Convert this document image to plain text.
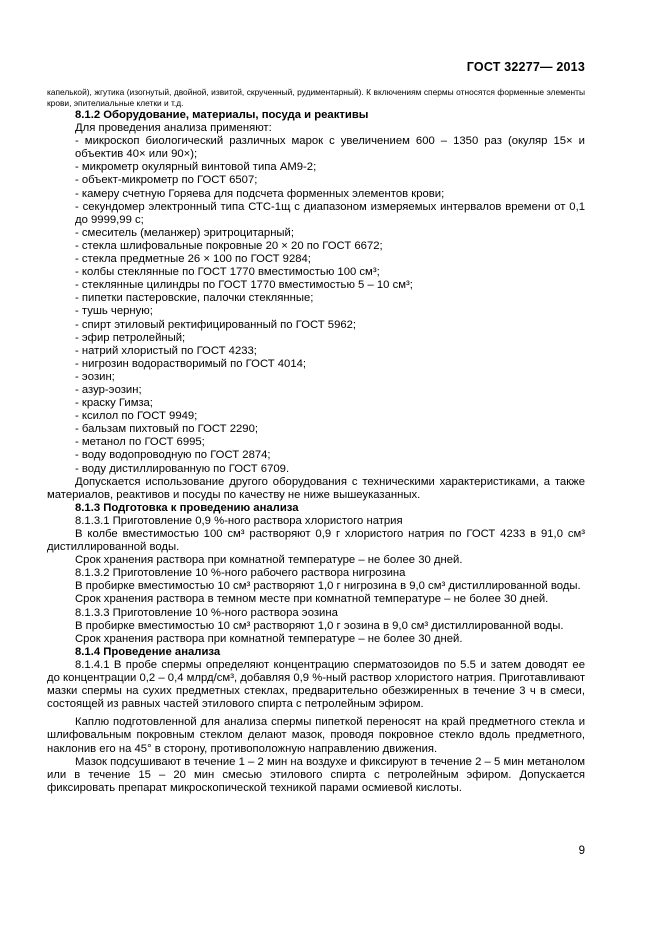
ГОСТ 32277— 2013

капелькой), жгутика (изогнутый, двойной, извитой, скрученный, рудиментарный). К включениям спермы относятся форменные элементы крови, эпителиальные клетки и т.д.

8.1.2 Оборудование, материалы, посуда и реактивы

Для проведения анализа применяют:

- микроскоп биологический различных марок с увеличением 600 – 1350 раз (окуляр 15× и объектив 40× или 90×);

- микрометр окулярный винтовой типа АМ9-2;

- объект-микрометр по ГОСТ 6507;

- камеру счетную Горяева для подсчета форменных элементов крови;

- секундомер электронный типа СТС-1щ с диапазоном измеряемых интервалов времени от 0,1 до 9999,99 с;

- смеситель (меланжер) эритроцитарный;

- стекла шлифовальные покровные 20 × 20 по ГОСТ 6672;

- стекла предметные 26 × 100 по ГОСТ 9284;

- колбы стеклянные по ГОСТ 1770 вместимостью 100 см³;

- стеклянные цилиндры по ГОСТ 1770 вместимостью 5 – 10 см³;

- пипетки пастеровские, палочки стеклянные;

- тушь черную;

- спирт этиловый ректифицированный по ГОСТ 5962;

- эфир петролейный;

- натрий хлористый по ГОСТ 4233;

- нигрозин водорастворимый по ГОСТ 4014;

- эозин;

- азур-эозин;

- краску Гимза;

- ксилол по ГОСТ 9949;

- бальзам пихтовый по ГОСТ 2290;

- метанол по ГОСТ 6995;

- воду водопроводную по ГОСТ 2874;

- воду дистиллированную по ГОСТ 6709.

Допускается использование другого оборудования с техническими характеристиками, а также материалов, реактивов и посуды по качеству не ниже вышеуказанных.

8.1.3 Подготовка к проведению анализа

8.1.3.1 Приготовление 0,9 %-ного раствора хлористого натрия

В колбе вместимостью 100 см³ растворяют 0,9 г хлористого натрия по ГОСТ 4233 в 91,0 см³ дистиллированной воды.

Срок хранения раствора при комнатной температуре – не более 30 дней.

8.1.3.2 Приготовление 10 %-ного рабочего раствора нигрозина

В пробирке вместимостью 10 см³ растворяют 1,0 г нигрозина в 9,0 см³ дистиллированной воды.

Срок хранения раствора в темном месте при комнатной температуре – не более 30 дней.

8.1.3.3 Приготовление 10 %-ного раствора эозина

В пробирке вместимостью 10 см³ растворяют 1,0 г эозина в 9,0 см³ дистиллированной воды.

Срок хранения раствора при комнатной температуре – не более 30 дней.

8.1.4 Проведение анализа

8.1.4.1 В пробе спермы определяют концентрацию сперматозоидов по 5.5 и затем доводят ее до концентрации 0,2 – 0,4 млрд/см³, добавляя 0,9 %-ный раствор хлористого натрия. Приготавливают мазки спермы на сухих предметных стеклах, предварительно обезжиренных в течение 3 ч в смеси, состоящей из равных частей этилового спирта с петролейным эфиром.

Каплю подготовленной для анализа спермы пипеткой переносят на край предметного стекла и шлифовальным покровным стеклом делают мазок, проводя покровное стекло вдоль предметного, наклонив его на 45° в сторону, противоположную направлению движения.

Мазок подсушивают в течение 1 – 2 мин на воздухе и фиксируют в течение 2 – 5 мин метанолом или в течение 15 – 20 мин смесью этилового спирта с петролейным эфиром. Допускается фиксировать препарат микроскопической техникой парами осмиевой кислоты.

9
